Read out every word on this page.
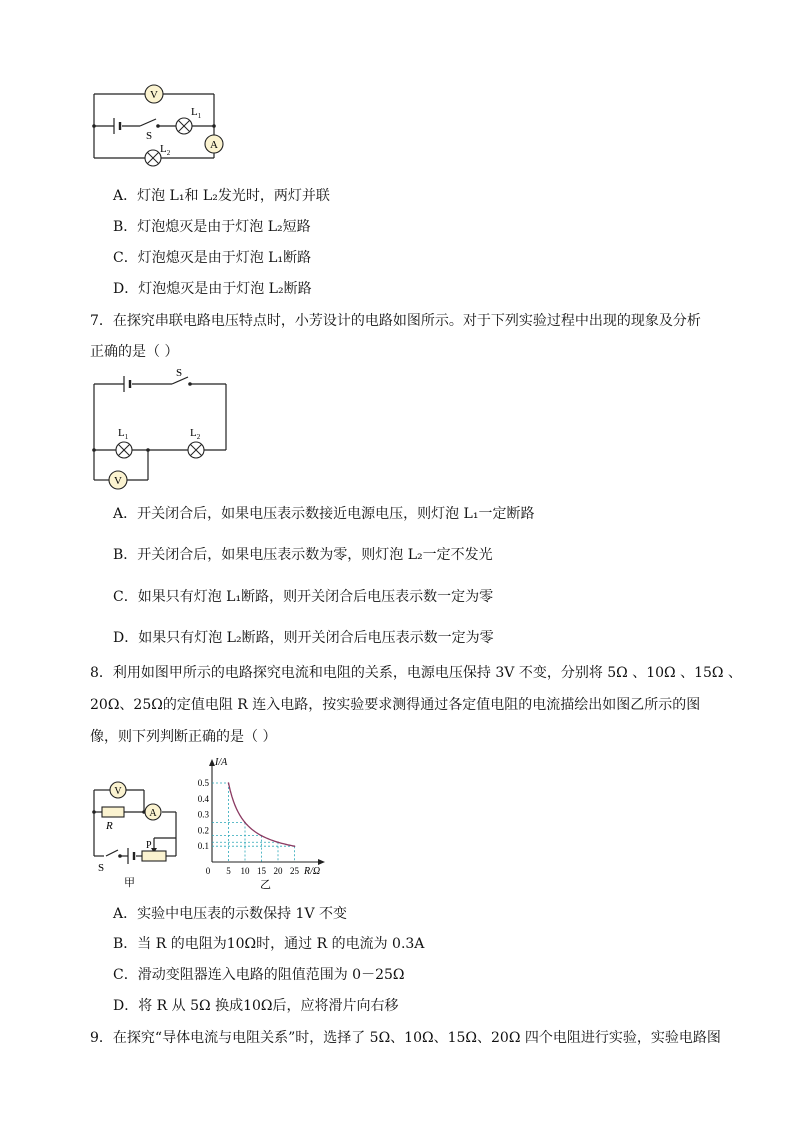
V
$L_1$
S
A
$L_2$
A．灯泡 L₁和 L₂发光时，两灯并联
B．灯泡熄灭是由于灯泡 L₂短路
C．灯泡熄灭是由于灯泡 L₁断路
D．灯泡熄灭是由于灯泡 L₂断路
7．在探究串联电路电压特点时，小芳设计的电路如图所示。对于下列实验过程中出现的现象及分析
正确的是（ ）
S
$L_1$	$L_2$
V
A．开关闭合后，如果电压表示数接近电源电压，则灯泡 L₁一定断路
B．开关闭合后，如果电压表示数为零，则灯泡 L₂一定不发光
C．如果只有灯泡 L₁断路，则开关闭合后电压表示数一定为零
D．如果只有灯泡 L₂断路，则开关闭合后电压表示数一定为零
8．利用如图甲所示的电路探究电流和电阻的关系，电源电压保持 3V 不变，分别将 5Ω 、10Ω 、15Ω 、
20Ω、25Ω的定值电阻 R 连入电路，按实验要求测得通过各定值电阻的电流描绘出如图乙所示的图
像，则下列判断正确的是（ ）
V
R
A
P
S
甲
0.1
0.2
0.3
0.4
0.5
0 5 10 15 20 25
I/A
R/Ω
乙
A．实验中电压表的示数保持 1V 不变
B．当 R 的电阻为10Ω时，通过 R 的电流为 0.3A
C．滑动变阻器连入电路的阻值范围为 0－25Ω
D．将 R 从 5Ω 换成10Ω后，应将滑片向右移
9．在探究“导体电流与电阻关系”时，选择了 5Ω、10Ω、15Ω、20Ω 四个电阻进行实验，实验电路图
